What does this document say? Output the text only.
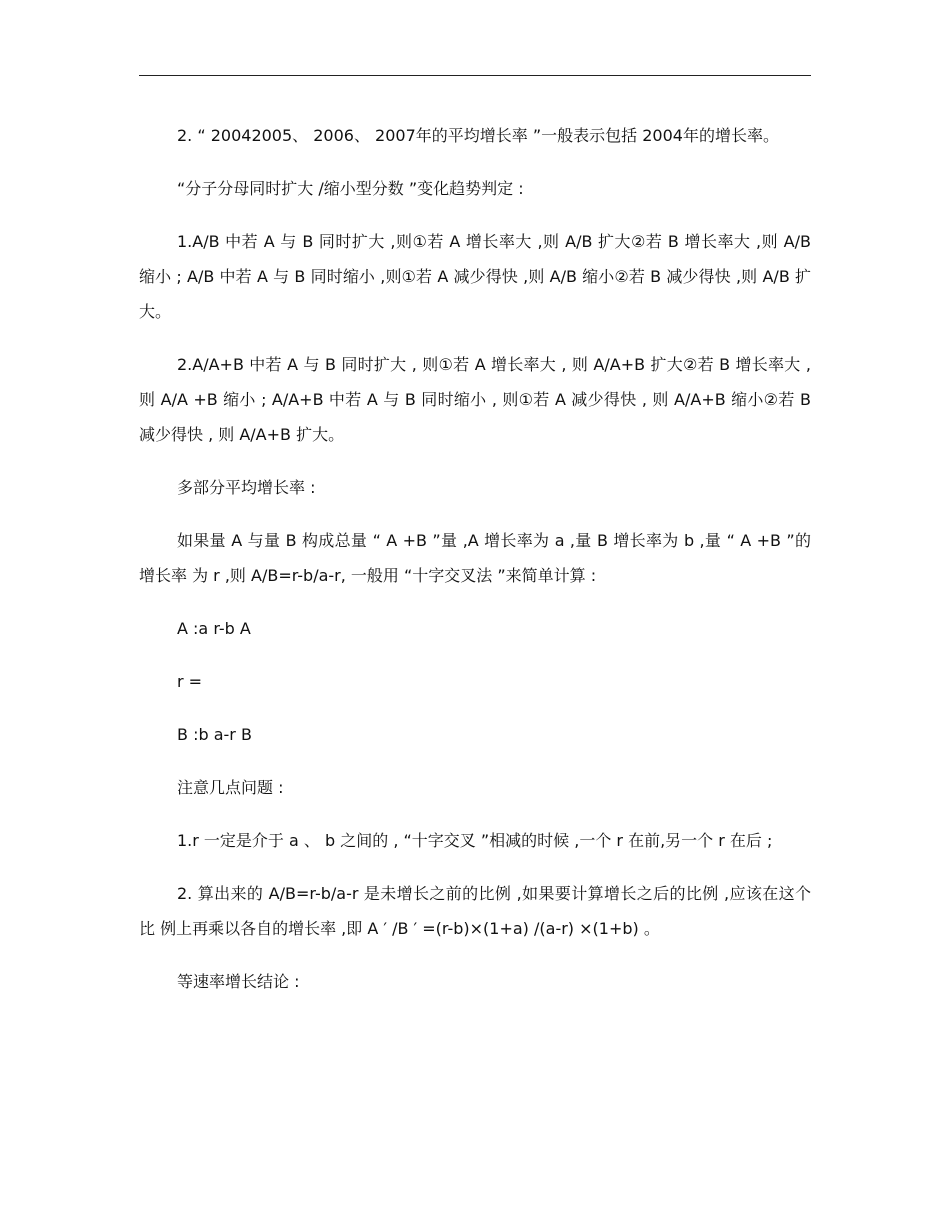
2. “ 20042005、 2006、 2007年的平均增长率 ”一般表示包括 2004年的增长率。

“分子分母同时扩大 /缩小型分数 ”变化趋势判定 :

1.A/B 中若 A 与 B 同时扩大 ,则①若 A 增长率大 ,则 A/B 扩大②若 B 增长率大 ,则 A/B 缩小 ; A/B 中若 A 与 B 同时缩小 ,则①若 A 减少得快 ,则 A/B 缩小②若 B 减少得快 ,则 A/B 扩大。

2.A/A+B 中若 A 与 B 同时扩大 , 则①若 A 增长率大 , 则 A/A+B 扩大②若 B 增长率大 , 则 A/A +B 缩小 ; A/A+B 中若 A 与 B 同时缩小 , 则①若 A 减少得快 , 则 A/A+B 缩小②若 B 减少得快 , 则 A/A+B 扩大。

多部分平均增长率 :

如果量 A 与量 B 构成总量 “ A +B ”量 ,A 增长率为 a ,量 B 增长率为 b ,量 “ A +B ”的增长率 为 r ,则 A/B=r-b/a-r, 一般用 “十字交叉法 ”来简单计算 :

A :a r-b A

r =

B :b a-r B

注意几点问题 :

1.r 一定是介于 a 、 b 之间的 , “十字交叉 ”相减的时候 ,一个 r 在前,另一个 r 在后 ;

2. 算出来的 A/B=r-b/a-r 是未增长之前的比例 ,如果要计算增长之后的比例 ,应该在这个比 例上再乘以各自的增长率 ,即 A ′ /B ′ =(r-b)×(1+a) /(a-r) ×(1+b) 。

等速率增长结论 :
